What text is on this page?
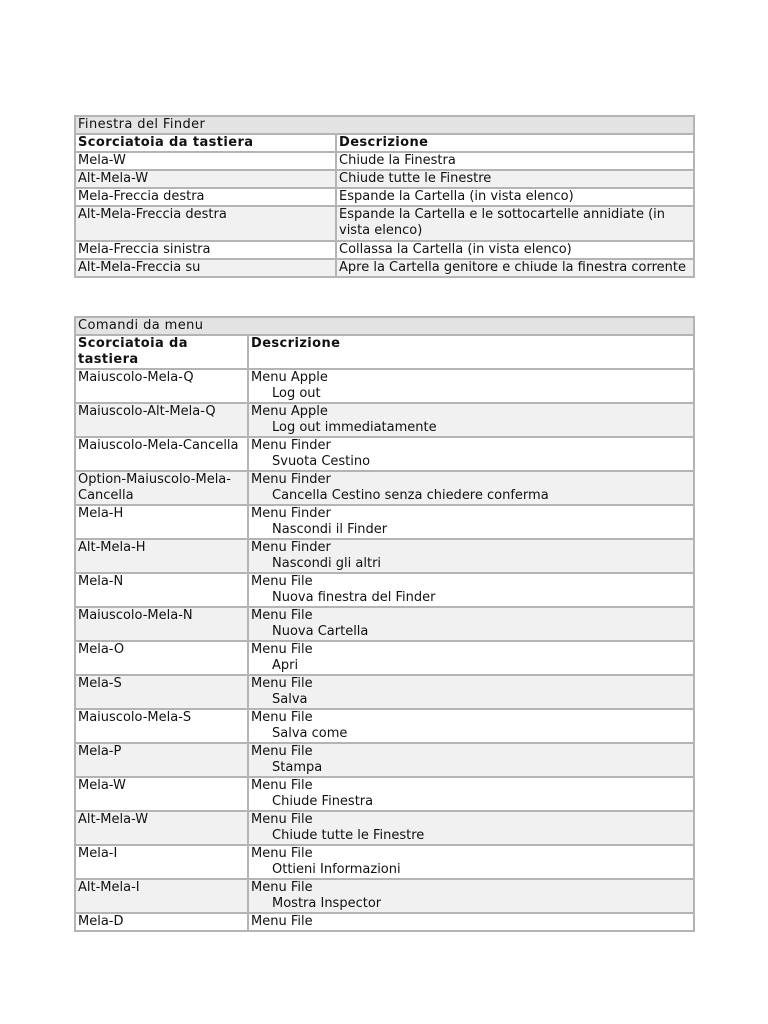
Finestra del Finder	
Scorciatoia da tastiera	Descrizione
Mela-W	Chiude la Finestra
Alt-Mela-W	Chiude tutte le Finestre
Mela-Freccia destra	Espande la Cartella (in vista elenco)
Alt-Mela-Freccia destra	Espande la Cartella e le sottocartelle annidiate (in vista elenco)
Mela-Freccia sinistra	Collassa la Cartella (in vista elenco)
Alt-Mela-Freccia su	Apre la Cartella genitore e chiude la finestra corrente
Comandi da menu	
Scorciatoia da tastiera	Descrizione
Maiuscolo-Mela-Q	Menu Apple
Log out

Maiuscolo-Alt-Mela-Q	Menu Apple
Log out immediatamente

Maiuscolo-Mela-Cancella	Menu Finder
Svuota Cestino

Option-Maiuscolo-Mela-Cancella	Menu Finder
Cancella Cestino senza chiedere conferma

Mela-H	Menu Finder
Nascondi il Finder

Alt-Mela-H	Menu Finder
Nascondi gli altri

Mela-N	Menu File
Nuova finestra del Finder

Maiuscolo-Mela-N	Menu File
Nuova Cartella

Mela-O	Menu File
Apri

Mela-S	Menu File
Salva

Maiuscolo-Mela-S	Menu File
Salva come

Mela-P	Menu File
Stampa

Mela-W	Menu File
Chiude Finestra

Alt-Mela-W	Menu File
Chiude tutte le Finestre

Mela-I	Menu File
Ottieni Informazioni

Alt-Mela-I	Menu File
Mostra Inspector

Mela-D	Menu File
